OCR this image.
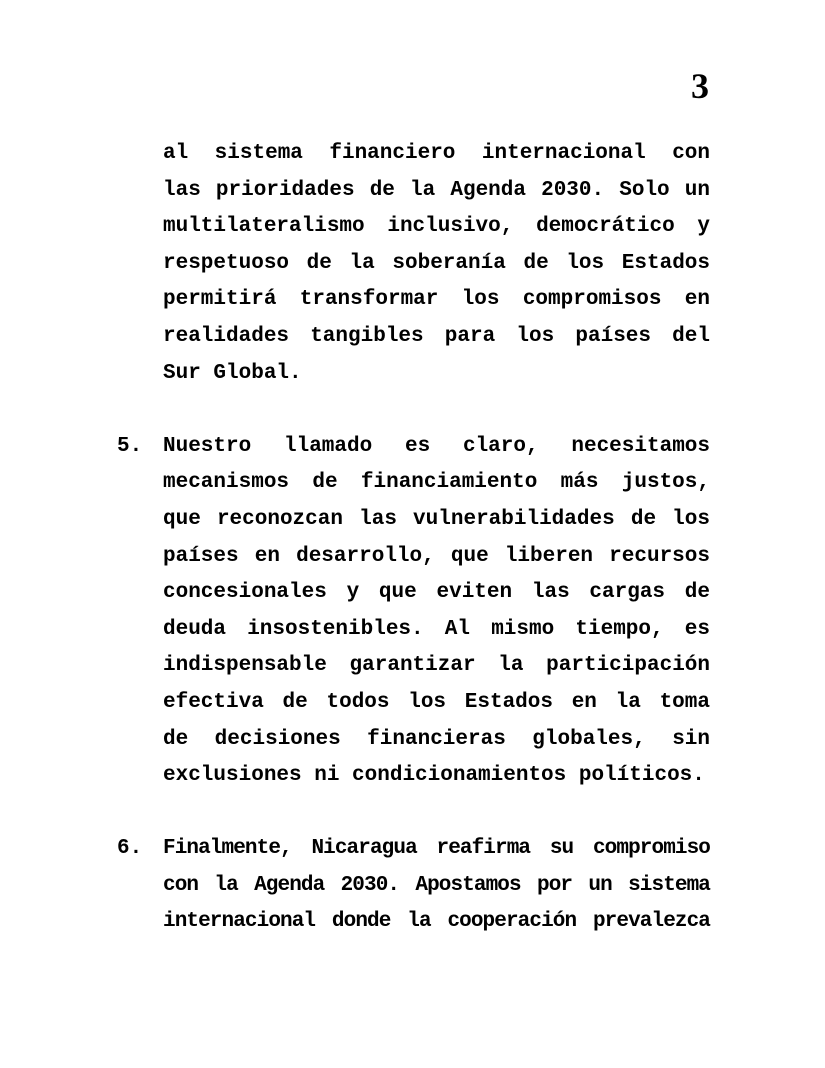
3
al sistema financiero internacional con
las prioridades de la Agenda 2030. Solo un
multilateralismo inclusivo, democrático y
respetuoso de la soberanía de los Estados
permitirá transformar los compromisos en
realidades tangibles para los países del
Sur Global.
5. Nuestro llamado es claro, necesitamos
mecanismos de financiamiento más justos,
que reconozcan las vulnerabilidades de los
países en desarrollo, que liberen recursos
concesionales y que eviten las cargas de
deuda insostenibles. Al mismo tiempo, es
indispensable garantizar la participación
efectiva de todos los Estados en la toma
de decisiones financieras globales, sin
exclusiones ni condicionamientos políticos.
6. Finalmente, Nicaragua reafirma su compromiso
con la Agenda 2030. Apostamos por un sistema
internacional donde la cooperación prevalezca
